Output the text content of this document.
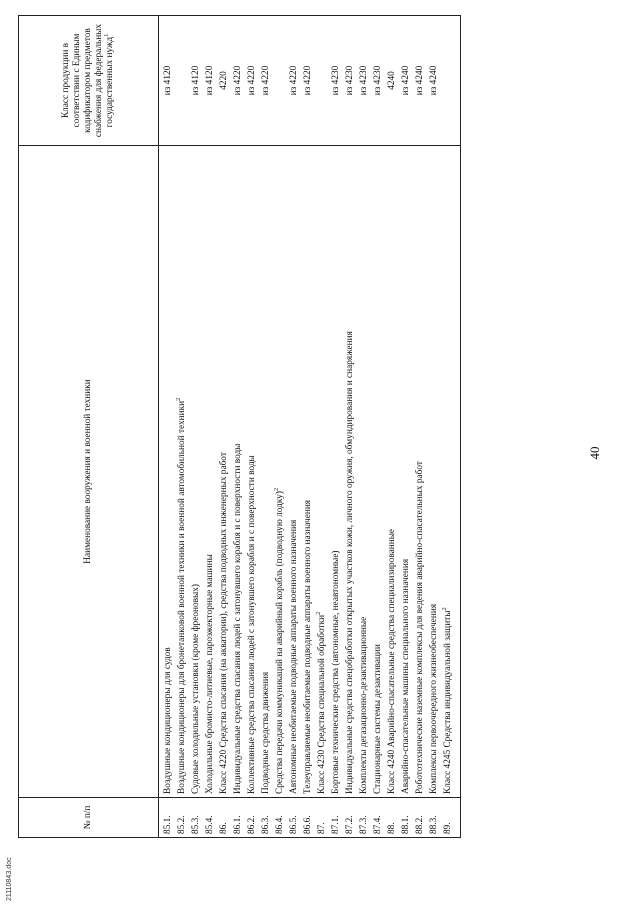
40
2111084З.doc
№ п/п	Наименование вооружения и военной техники	Класс продукции в соответствии с Единым кодификатором предметов снабжения для федеральных государственных нужд$^1$
85.1.	Воздушные кондиционеры для судов	из 4120
85.2.	Воздушные кондиционеры для бронетанковой военной техники и военной автомобильной техники$^2$	
85.3.	Судовые холодильные установки (кроме фреоновых)	из 4120
85.4.	Холодильные бромисто-литиевые, пароэжекторные машины	из 4120
86.	Класс 4220 Средства спасания (на акватории), средства подводных инженерных работ	4220
86.1.	Индивидуальные средства спасания людей с затонувшего корабля и с поверхности воды	из 4220
86.2.	Коллективные средства спасания людей с затонувшего корабля и с поверхности воды	из 4220
86.3.	Подводные средства движения	из 4220
86.4.	Средства передачи коммуникаций на аварийный корабль (подводную лодку)$^2$	
86.5.	Автономные необитаемые подводные аппараты военного назначения	из 4220
86.6.	Телеуправляемые необитаемые подводные аппараты военного назначения	из 4220
87.	Класс 4230 Средства специальной обработки$^2$	
87.1.	Бортовые технические средства (автономные, неавтономные)	из 4230
87.2.	Индивидуальные средства спецобработки открытых участков кожи, личного оружия, обмундирования и снаряжения	из 4230
87.3.	Комплекты дегазационно-дезактивационные	из 4230
87.4.	Стационарные системы дезактивации	из 4230
88.	Класс 4240 Аварийно-спасательные средства специализированные	4240
88.1.	Аварийно-спасательные машины специального назначения	из 4240
88.2.	Робототехнические наземные комплексы для ведения аварийно-спасательных работ	из 4240
88.3.	Комплексы первоочередного жизнеобеспечения	из 4240
89.	Класс 4245 Средства индивидуальной защиты$^2$	
